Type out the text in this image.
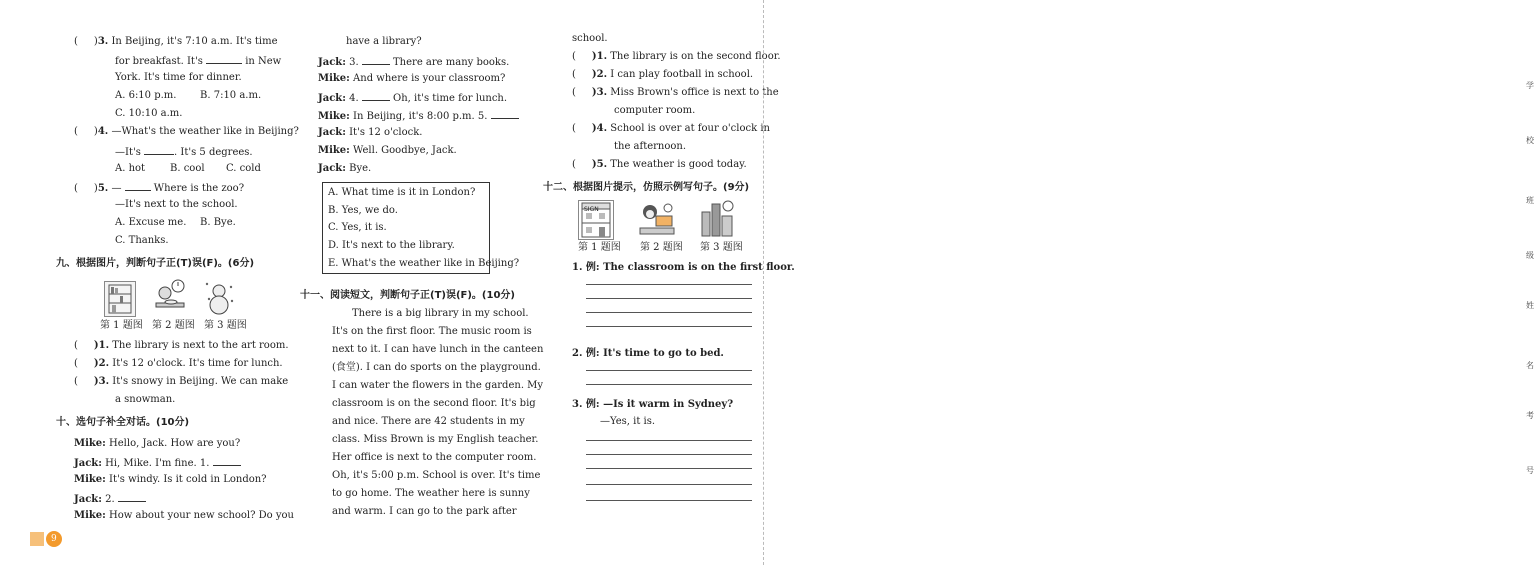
( )3. In Beijing, it's 7:10 a.m. It's time
for breakfast. It's	in New
York. It's time for dinner.
A. 6:10 p.m. B. 7:10 a.m.
C. 10:10 a.m.
( )4. —What's the weather like in Beijing?
—It's	. It's 5 degrees.
A. hot B. cool C. cold
( )5. —	Where is the zoo?
—It's next to the school.
A. Excuse me. B. Bye.
C. Thanks.
九、根据图片，判断句子正(T)误(F)。(6分)
第 1 题图 第 2 题图 第 3 题图
( )1. The library is next to the art room.
( )2. It's 12 o'clock. It's time for lunch.
( )3. It's snowy in Beijing. We can make
a snowman.
十、选句子补全对话。(10分)
Mike: Hello, Jack. How are you?
Jack: Hi, Mike. I'm fine. 1.
Mike: It's windy. Is it cold in London?
Jack: 2.
Mike: How about your new school? Do you
9
have a library?
Jack: 3.	There are many books.
Mike: And where is your classroom?
Jack: 4.	Oh, it's time for lunch.
Mike: In Beijing, it's 8:00 p.m. 5.
Jack: It's 12 o'clock.
Mike: Well. Goodbye, Jack.
Jack: Bye.
A. What time is it in London?
B. Yes, we do.
C. Yes, it is.
D. It's next to the library.
E. What's the weather like in Beijing?
十一、阅读短文，判断句子正(T)误(F)。(10分)
There is a big library in my school.
It's on the first floor. The music room is
next to it. I can have lunch in the canteen
(食堂). I can do sports on the playground.
I can water the flowers in the garden. My
classroom is on the second floor. It's big
and nice. There are 42 students in my
class. Miss Brown is my English teacher.
Her office is next to the computer room.
Oh, it's 5:00 p.m. School is over. It's time
to go home. The weather here is sunny
and warm. I can go to the park after
school.
( )1. The library is on the second floor.
( )2. I can play football in school.
( )3. Miss Brown's office is next to the
computer room.
( )4. School is over at four o'clock in
the afternoon.
( )5. The weather is good today.
十二、根据图片提示，仿照示例写句子。(9分)
SIGN
第 1 题图 第 2 题图 第 3 题图
1. 例: The classroom is on the first floor.
2. 例: It's time to go to bed.
3. 例: —Is it warm in Sydney?
—Yes, it is.
学
校
班
级
姓
名
考
号
